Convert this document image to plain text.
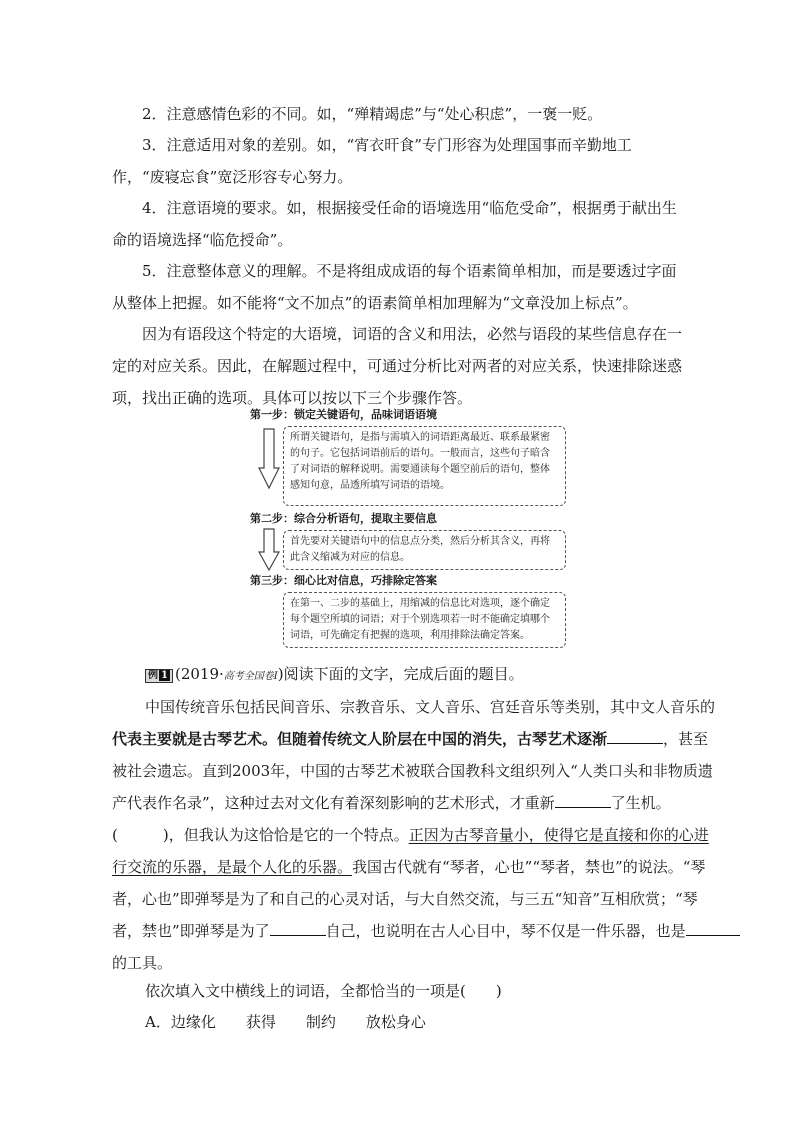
2．注意感情色彩的不同。如，“殚精竭虑”与“处心积虑”，一褒一贬。

3．注意适用对象的差别。如，“宵衣旰食”专门形容为处理国事而辛勤地工作，“废寝忘食”宽泛形容专心努力。

4．注意语境的要求。如，根据接受任命的语境选用“临危受命”，根据勇于献出生命的语境选择“临危授命”。

5．注意整体意义的理解。不是将组成成语的每个语素简单相加，而是要透过字面从整体上把握。如不能将“文不加点”的语素简单相加理解为“文章没加上标点”。

因为有语段这个特定的大语境，词语的含义和用法，必然与语段的某些信息存在一定的对应关系。因此，在解题过程中，可通过分析比对两者的对应关系，快速排除迷惑项，找出正确的选项。具体可以按以下三个步骤作答。

第一步：锁定关键语句，品味词语语境
所谓关键语句，是指与需填入的词语距离最近、联系最紧密的句子。它包括词语前后的语句。一般而言，这些句子暗含了对词语的解释说明。需要通读每个题空前后的语句，整体感知句意，品透所填写词语的语境。
第二步：综合分析语句，提取主要信息
首先要对关键语句中的信息点分类，然后分析其含义，再将此含义缩减为对应的信息。
第三步：细心比对信息，巧排除定答案
在第一、二步的基础上，用缩减的信息比对选项，逐个确定每个题空所填的词语；对于个别选项若一时不能确定填哪个词语，可先确定有把握的选项，利用排除法确定答案。

例 1 (2019·高考全国卷Ⅰ)阅读下面的文字，完成后面的题目。

中国传统音乐包括民间音乐、宗教音乐、文人音乐、宫廷音乐等类别，其中文人音乐的

代表主要就是古琴艺术。但随着传统文人阶层在中国的消失，古琴艺术逐渐	，甚至

被社会遗忘。直到2003年，中国的古琴艺术被联合国教科文组织列入“人类口头和非物质遗

产代表作名录”，这种过去对文化有着深刻影响的艺术形式，才重新	了生机。

(　　　)，但我认为这恰恰是它的一个特点。正因为古琴音量小，使得它是直接和你的心进

行交流的乐器，是最个人化的乐器。我国古代就有“琴者，心也”“琴者，禁也”的说法。“琴

者，心也”即弹琴是为了和自己的心灵对话，与大自然交流，与三五“知音”互相欣赏；“琴

者，禁也”即弹琴是为了	自己，也说明在古人心目中，琴不仅是一件乐器，也是

的工具。

依次填入文中横线上的词语，全都恰当的一项是(　　)

A．边缘化　　获得　　制约　　放松身心
